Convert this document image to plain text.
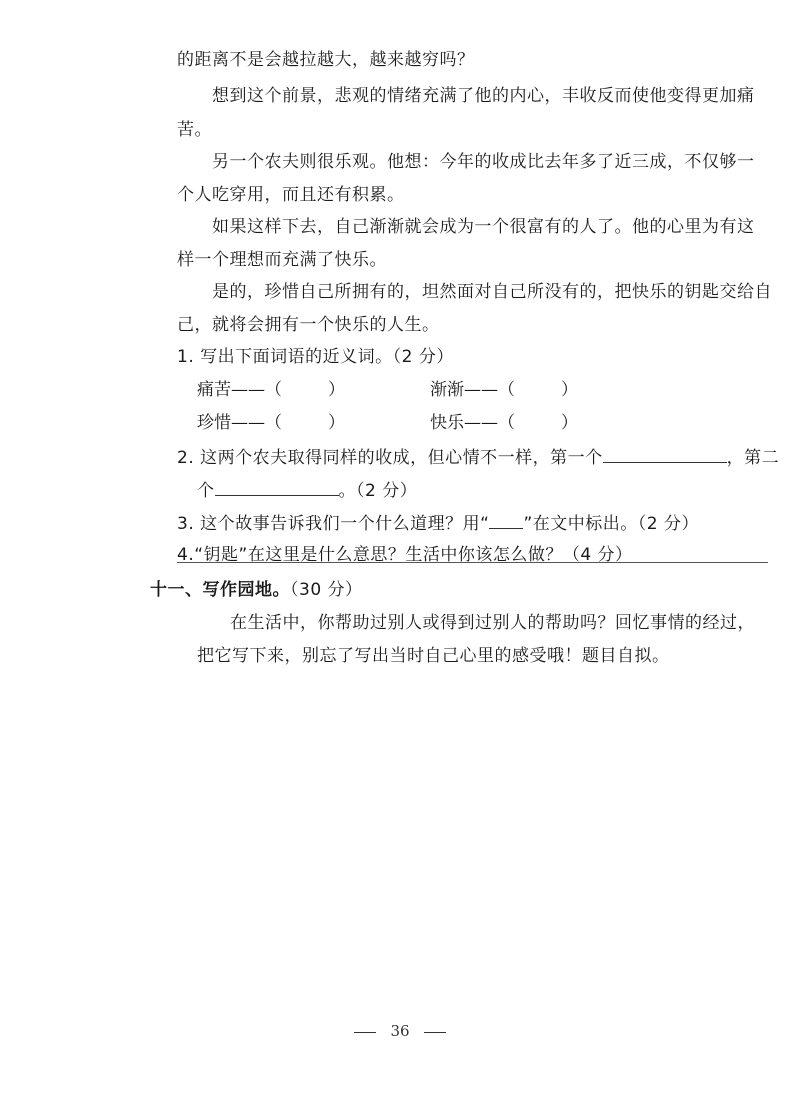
的距离不是会越拉越大，越来越穷吗？
想到这个前景，悲观的情绪充满了他的内心，丰收反而使他变得更加痛
苦。
另一个农夫则很乐观。他想：今年的收成比去年多了近三成，不仅够一
个人吃穿用，而且还有积累。
如果这样下去，自己渐渐就会成为一个很富有的人了。他的心里为有这
样一个理想而充满了快乐。
是的，珍惜自己所拥有的，坦然面对自己所没有的，把快乐的钥匙交给自
己，就将会拥有一个快乐的人生。
1. 写出下面词语的近义词。（2 分）
痛苦——（	）	渐渐——（	）
珍惜——（	）	快乐——（	）
2. 这两个农夫取得同样的收成，但心情不一样，第一个	，第二
个	。（2 分）
3. 这个故事告诉我们一个什么道理？用“ ”在文中标出。（2 分）
4.“钥匙”在这里是什么意思？生活中你该怎么做？（4 分）
十一、写作园地。（30 分）
在生活中，你帮助过别人或得到过别人的帮助吗？回忆事情的经过，
把它写下来，别忘了写出当时自己心里的感受哦！题目自拟。
36
